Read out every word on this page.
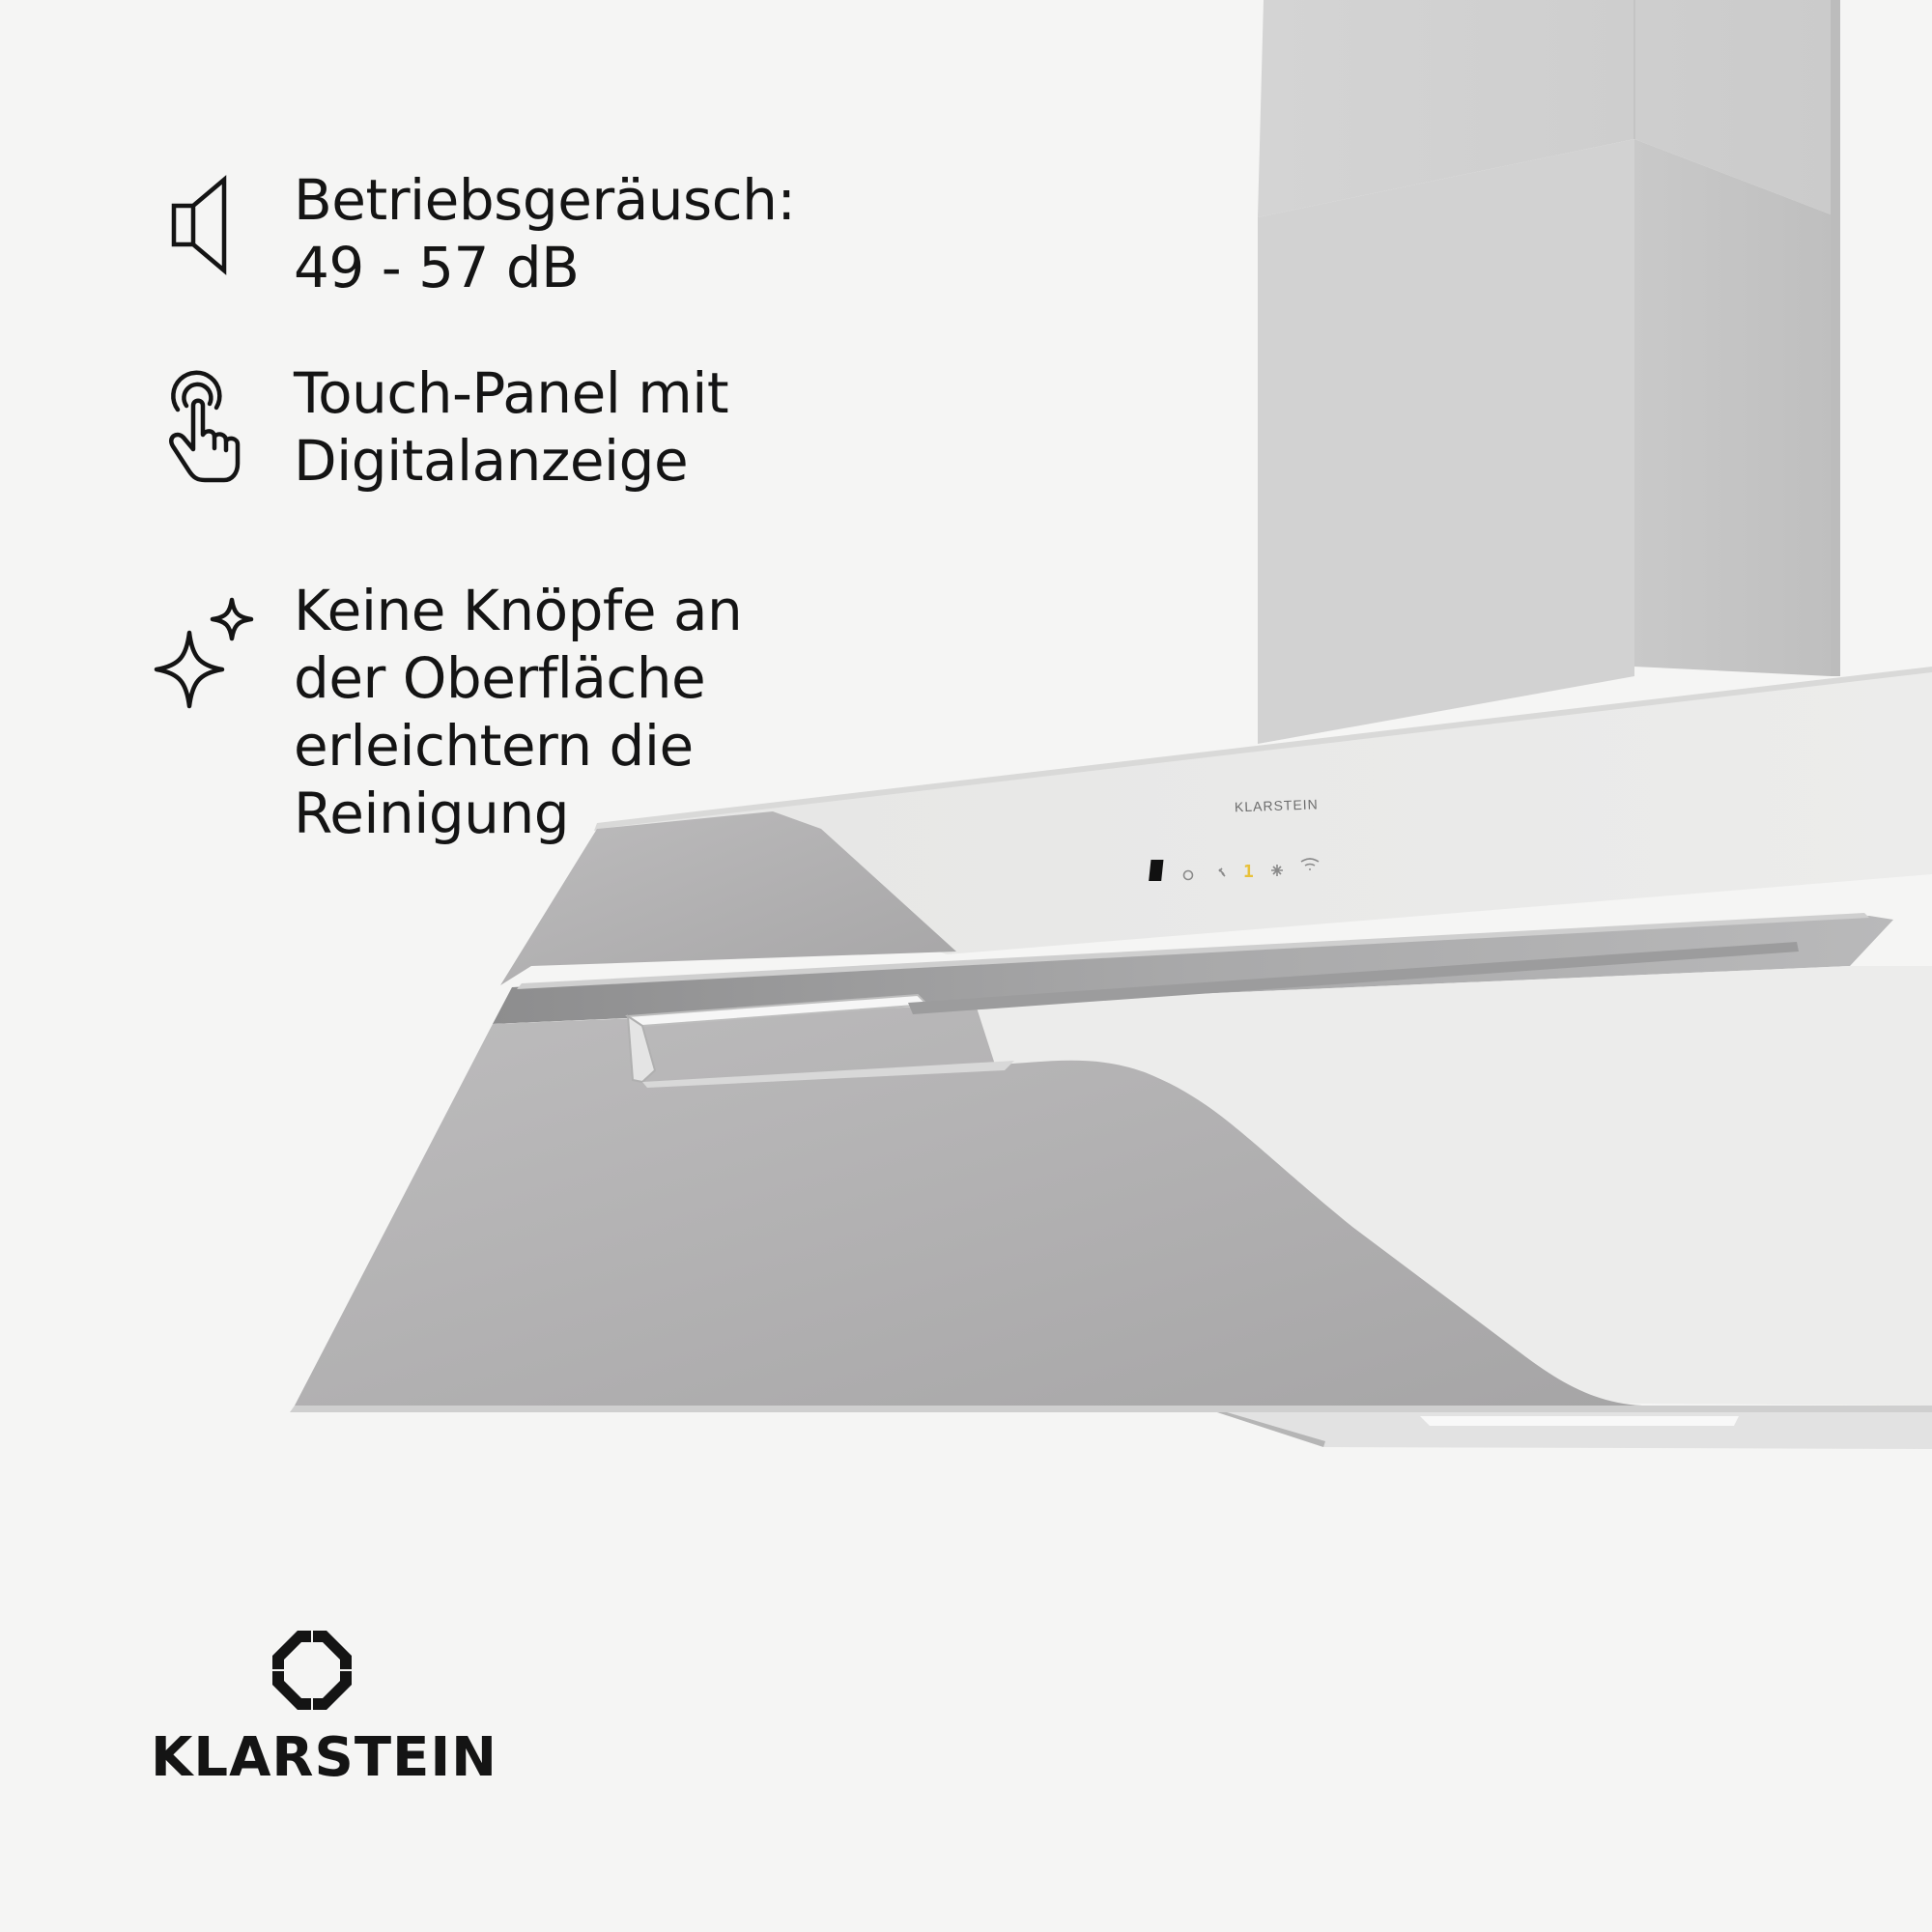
1
KLARSTEIN
Betriebsgeräusch:
49 - 57 dB
Touch-Panel mit
Digitalanzeige
Keine Knöpfe an
der Oberfläche
erleichtern die
Reinigung
KLARSTEIN
